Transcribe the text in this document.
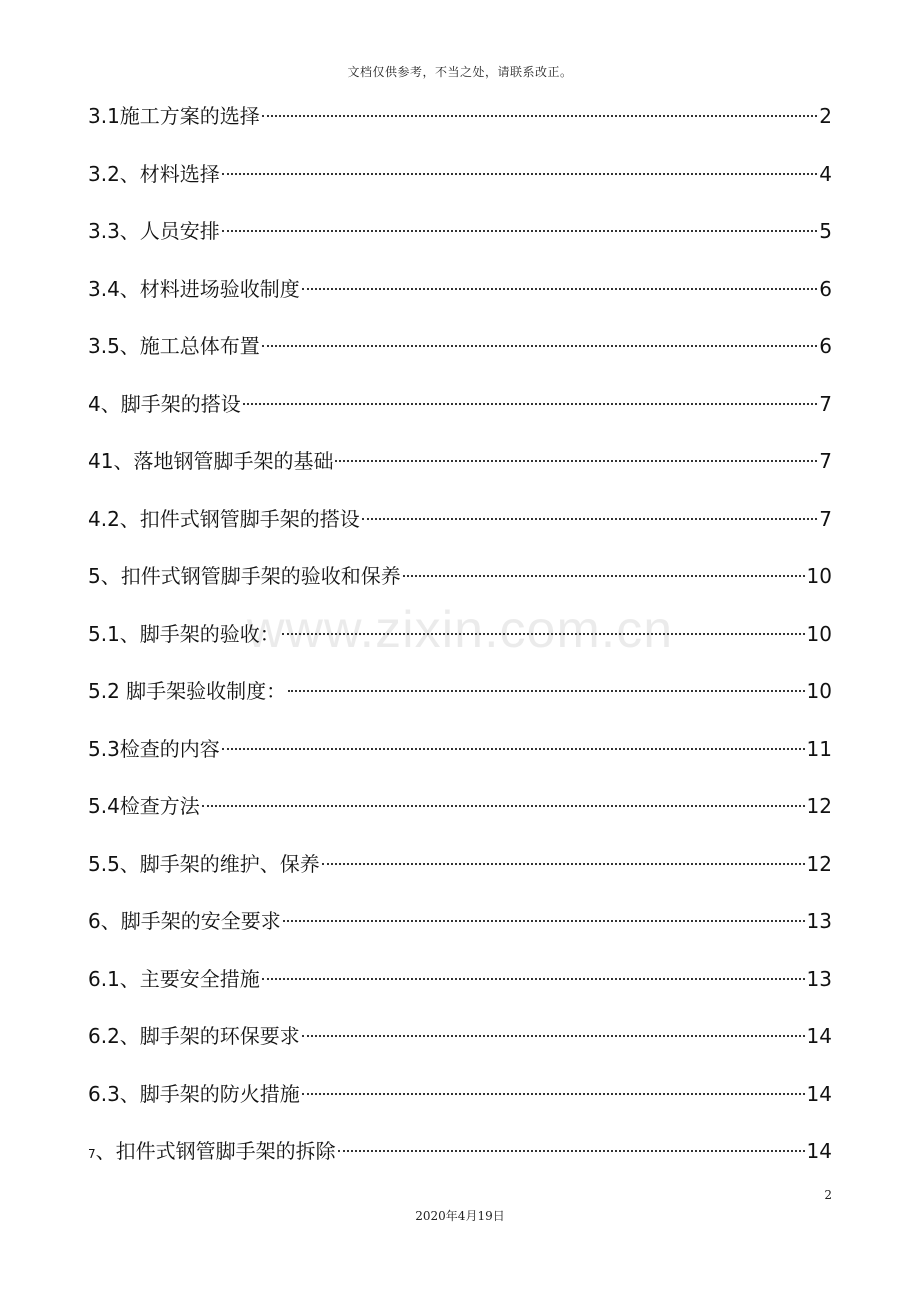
文档仅供参考，不当之处，请联系改正。
www.zixin.com.cn
3.1施工方案的选择	2
3.2、材料选择	4
3.3、人员安排	5
3.4、材料进场验收制度	6
3.5、施工总体布置	6
4、脚手架的搭设	7
41、落地钢管脚手架的基础	7
4.2、扣件式钢管脚手架的搭设	7
5、扣件式钢管脚手架的验收和保养	10
5.1、脚手架的验收：	10
5.2 脚手架验收制度：	10
5.3检查的内容	11
5.4检查方法	12
5.5、脚手架的维护、保养	12
6、脚手架的安全要求	13
6.1、主要安全措施	13
6.2、脚手架的环保要求	14
6.3、脚手架的防火措施	14
7、扣件式钢管脚手架的拆除	14
2
2020年4月19日
